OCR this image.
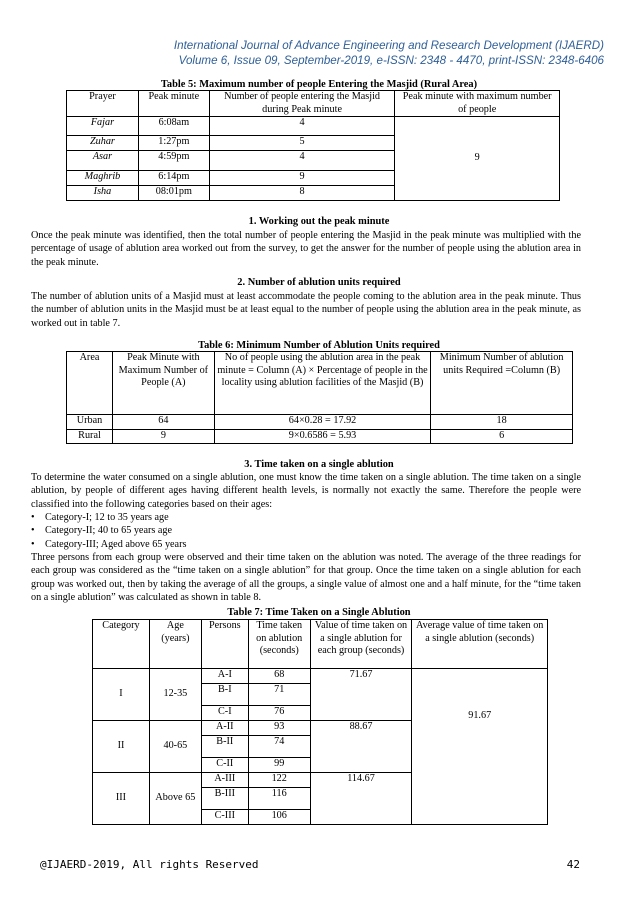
International Journal of Advance Engineering and Research Development (IJAERD)
Volume 6, Issue 09, September-2019, e-ISSN: 2348 - 4470, print-ISSN: 2348-6406
Table 5: Maximum number of people Entering the Masjid (Rural Area)
Prayer	Peak minute	Number of people entering the Masjid during Peak minute	Peak minute with maximum number of people
Fajar	6:08am	4	9
Zuhar	1:27pm	5	
Asar	4:59pm	4	
Maghrib	6:14pm	9	
Isha	08:01pm	8	
1. Working out the peak minute
Once the peak minute was identified, then the total number of people entering the Masjid in the peak minute was multiplied with the percentage of usage of ablution area worked out from the survey, to get the answer for the number of people using the ablution area in the peak minute.
2. Number of ablution units required
The number of ablution units of a Masjid must at least accommodate the people coming to the ablution area in the peak minute. Thus the number of ablution units in the Masjid must be at least equal to the number of people using the ablution area in the peak minute, as worked out in table 7.
Table 6: Minimum Number of Ablution Units required
Area	Peak Minute with Maximum Number of People (A)	No of people using the ablution area in the peak minute = Column (A) × Percentage of people in the locality using ablution facilities of the Masjid (B)	Minimum Number of ablution units Required =Column (B)
Urban	64	64×0.28 = 17.92	18
Rural	9	9×0.6586 = 5.93	6
3. Time taken on a single ablution
To determine the water consumed on a single ablution, one must know the time taken on a single ablution. The time taken on a single ablution, by people of different ages having different health levels, is normally not exactly the same. Therefore the people were classified into the following categories based on their ages:
• Category-I; 12 to 35 years age
• Category-II; 40 to 65 years age
• Category-III; Aged above 65 years
Three persons from each group were observed and their time taken on the ablution was noted. The average of the three readings for each group was considered as the “time taken on a single ablution” for that group. Once the time taken on a single ablution for each group was worked out, then by taking the average of all the groups, a single value of almost one and a half minute, for the “time taken on a single ablution” was calculated as shown in table 8.
Table 7: Time Taken on a Single Ablution
Category	Age (years)	Persons	Time taken on ablution (seconds)	Value of time taken on a single ablution for each group (seconds)	Average value of time taken on a single ablution (seconds)
I	12-35	A-I	68	71.67	91.67
		B-I	71		
		C-I	76		
II	40-65	A-II	93	88.67	
		B-II	74		
		C-II	99		
III	Above 65	A-III	122	114.67	
		B-III	116		
		C-III	106		
@IJAERD-2019, All rights Reserved	42
